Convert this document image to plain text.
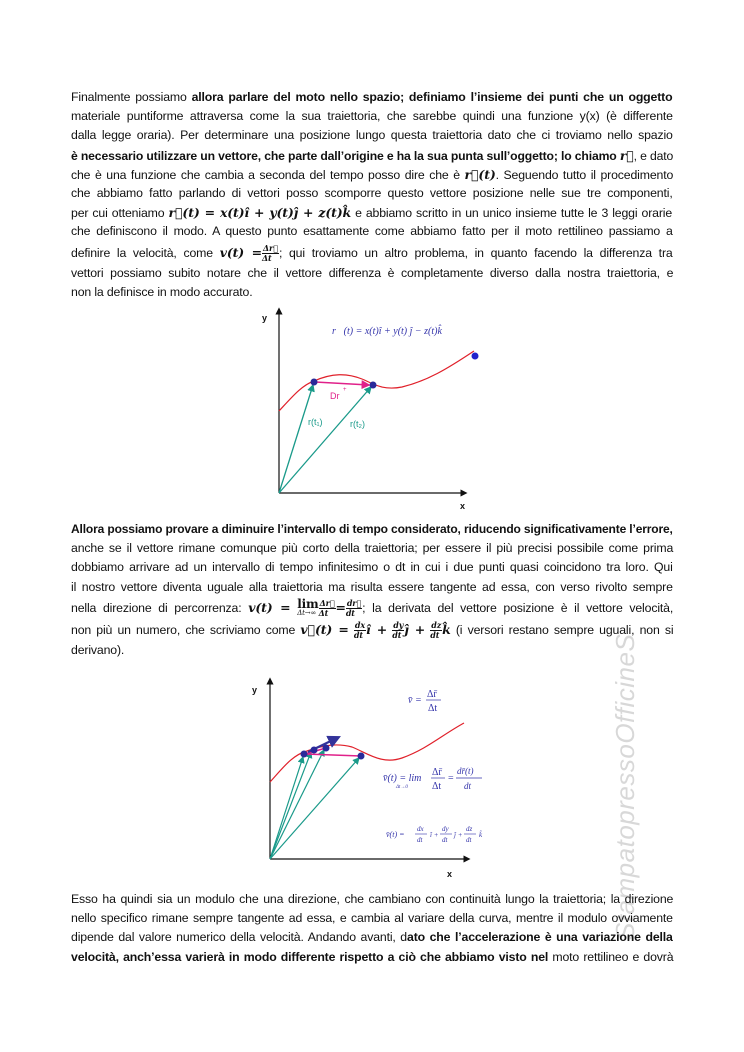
StampatopressoOfficineS
Finalmente possiamo allora parlare del moto nello spazio; definiamo l’insieme dei punti che un oggetto
materiale puntiforme attraversa come la sua traiettoria, che sarebbe quindi una funzione y(x) (è differente
dalla legge oraria). Per determinare una posizione lungo questa traiettoria dato che ci troviamo nello spazio
è necessario utilizzare un vettore, che parte dall’origine e ha la sua punta sull’oggetto; lo chiamo r⃗, e dato
che è una funzione che cambia a seconda del tempo posso dire che è r⃗(t). Seguendo tutto il procedimento
che abbiamo fatto parlando di vettori posso scomporre questo vettore posizione nelle sue tre componenti,
per cui otteniamo r⃗(t) = x(t)î + y(t)ĵ + z(t)k̂ e abbiamo scritto in un unico insieme tutte le 3 leggi orarie
che definiscono il modo. A questo punto esattamente come abbiamo fatto per il moto rettilineo passiamo a
definire la velocità, come $v(t) = \frac{\Delta r⃗}{\Delta t}$ ; qui troviamo un altro problema, in quanto facendo la differenza tra
vettori possiamo subito notare che il vettore differenza è completamente diverso dalla nostra traiettoria, e
non la definisce in modo accurato.
y
x
r⃗(t) = x(t)î + y(t) ĵ − z(t)k̂
Dr
+
r(t₁)	r(t₂)
Allora possiamo provare a diminuire l’intervallo di tempo considerato, riducendo significativamente l’errore,
anche se il vettore rimane comunque più corto della traiettoria; per essere il più precisi possibile come prima
dobbiamo arrivare ad un intervallo di tempo infinitesimo o dt in cui i due punti quasi coincidono tra loro. Qui
il nostro vettore diventa uguale alla traiettoria ma risulta essere tangente ad essa, con verso rivolto sempre
nella direzione di percorrenza: v(t) = lim
$\Delta t\to\infty \frac{\Delta r⃗}{\Delta t} = \frac{dr⃗}{dt}$ ; la derivata del vettore posizione è il vettore velocità,
non più un numero, che scriviamo come v⃗(t) = $\frac{dx}{dt}$ î + $\frac{dy}{dt}$ ĵ + $\frac{dz}{dt}$ k̂ (i versori restano sempre uguali, non si
derivano).
y
x
v̄ =
Δr̄
Δt
v̄(t) = lim
Δt→0
Δr̄
Δt
=
dr̄(t)
dt
v̄(t) =
dx
dt
î +
dy
dt
ĵ +
dz
dt
k̂
Esso ha quindi sia un modulo che una direzione, che cambiano con continuità lungo la traiettoria; la direzione
nello specifico rimane sempre tangente ad essa, e cambia al variare della curva, mentre il modulo ovviamente
dipende dal valore numerico della velocità. Andando avanti, dato che l’accelerazione è una variazione della
velocità, anch’essa varierà in modo differente rispetto a ciò che abbiamo visto nel moto rettilineo e dovrà
